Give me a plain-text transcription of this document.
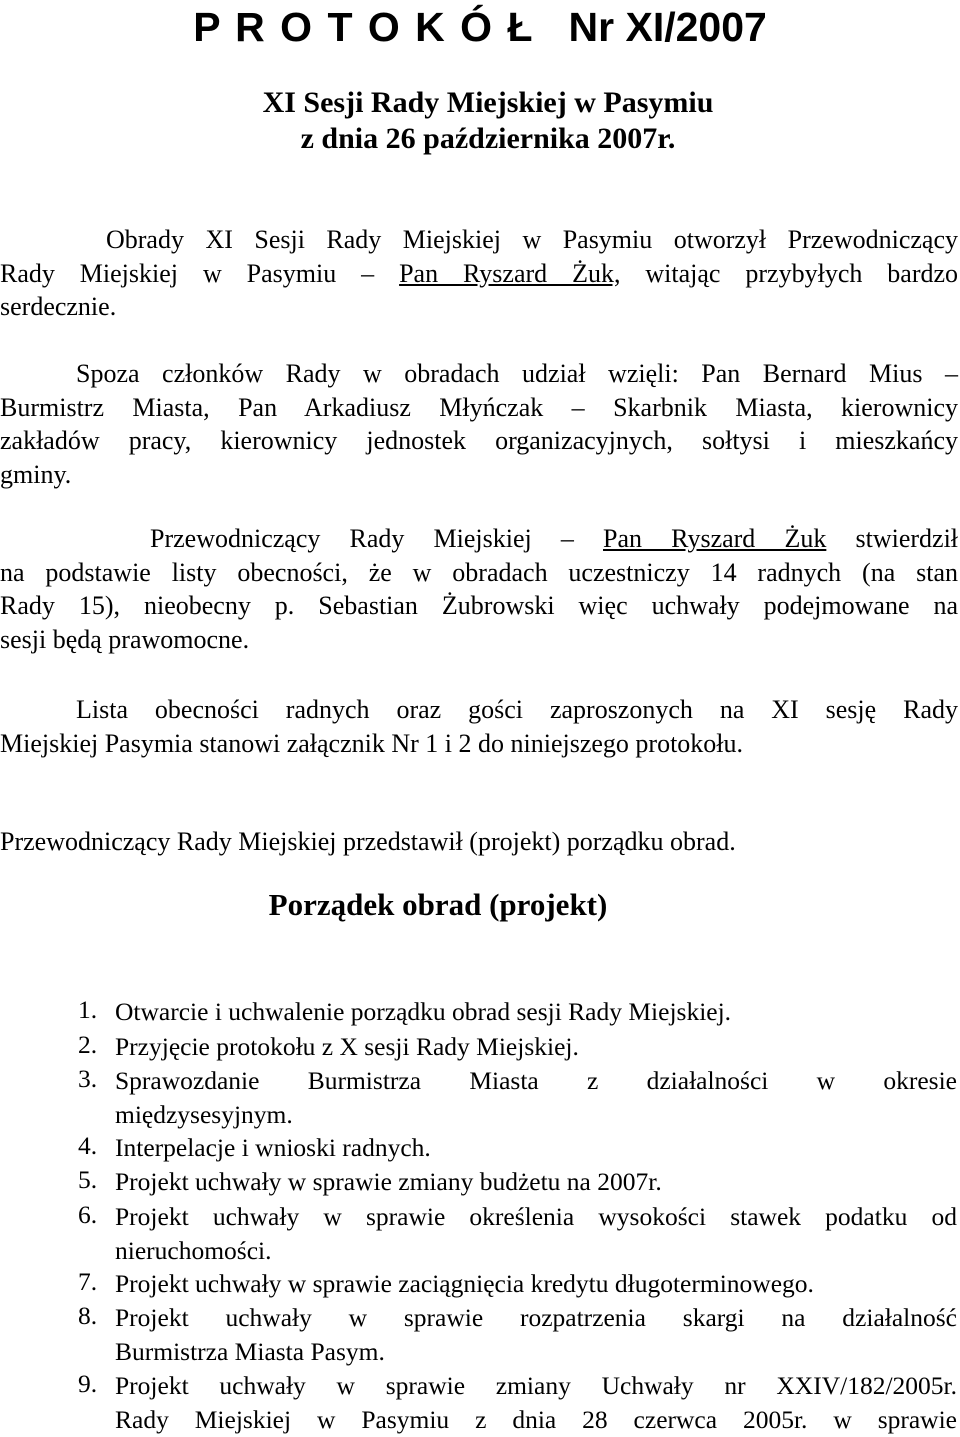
P R O T O K Ó Ł Nr XI/2007
XI Sesji Rady Miejskiej w Pasymiu
z dnia 26 października 2007r.
Obrady XI Sesji Rady Miejskiej w Pasymiu otworzył Przewodniczący
Rady Miejskiej w Pasymiu – Pan Ryszard Żuk, witając przybyłych bardzo
serdecznie.
Spoza członków Rady w obradach udział wzięli: Pan Bernard Mius –
Burmistrz Miasta, Pan Arkadiusz Młyńczak – Skarbnik Miasta, kierownicy
zakładów pracy, kierownicy jednostek organizacyjnych, sołtysi i mieszkańcy
gminy.
Przewodniczący Rady Miejskiej – Pan Ryszard Żuk stwierdził
na podstawie listy obecności, że w obradach uczestniczy 14 radnych (na stan
Rady 15), nieobecny p. Sebastian Żubrowski więc uchwały podejmowane na
sesji będą prawomocne.
Lista obecności radnych oraz gości zaproszonych na XI sesję Rady
Miejskiej Pasymia stanowi załącznik Nr 1 i 2 do niniejszego protokołu.
Przewodniczący Rady Miejskiej przedstawił (projekt) porządku obrad.
Porządek obrad (projekt)
1. Otwarcie i uchwalenie porządku obrad sesji Rady Miejskiej.
2. Przyjęcie protokołu z X sesji Rady Miejskiej.
3. Sprawozdanie Burmistrza Miasta z działalności w okresie
międzysesyjnym.
4. Interpelacje i wnioski radnych.
5. Projekt uchwały w sprawie zmiany budżetu na 2007r.
6. Projekt uchwały w sprawie określenia wysokości stawek podatku od
nieruchomości.
7. Projekt uchwały w sprawie zaciągnięcia kredytu długoterminowego.
8. Projekt uchwały w sprawie rozpatrzenia skargi na działalność
Burmistrza Miasta Pasym.
9. Projekt uchwały w sprawie zmiany Uchwały nr XXIV/182/2005r.
Rady Miejskiej w Pasymiu z dnia 28 czerwca 2005r. w sprawie
